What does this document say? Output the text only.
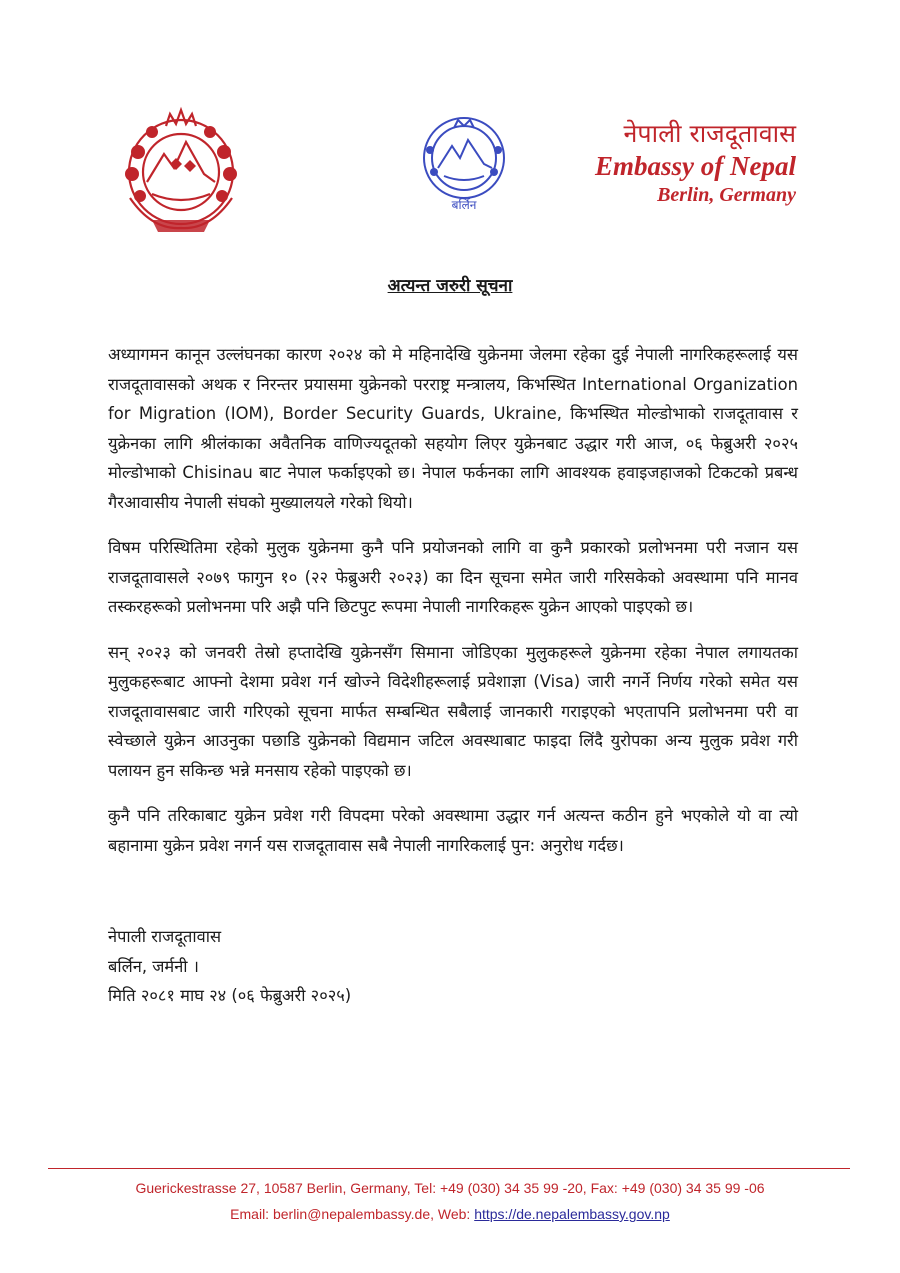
बर्लिन
नेपाली राजदूतावास
Embassy of Nepal
Berlin, Germany
अत्यन्त जरुरी सूचना

अध्यागमन कानून उल्लंघनका कारण २०२४ को मे महिनादेखि युक्रेनमा जेलमा रहेका दुई नेपाली नागरिकहरूलाई यस राजदूतावासको अथक र निरन्तर प्रयासमा युक्रेनको परराष्ट्र मन्त्रालय, किभस्थित International Organization for Migration (IOM), Border Security Guards, Ukraine, किभस्थित मोल्डोभाको राजदूतावास र युक्रेनका लागि श्रीलंकाका अवैतनिक वाणिज्यदूतको सहयोग लिएर युक्रेनबाट उद्धार गरी आज, ०६ फेब्रुअरी २०२५ मोल्डोभाको Chisinau बाट नेपाल फर्काइएको छ। नेपाल फर्कनका लागि आवश्यक हवाइजहाजको टिकटको प्रबन्ध गैरआवासीय नेपाली संघको मुख्यालयले गरेको थियो।

विषम परिस्थितिमा रहेको मुलुक युक्रेनमा कुनै पनि प्रयोजनको लागि वा कुनै प्रकारको प्रलोभनमा परी नजान यस राजदूतावासले २०७९ फागुन १० (२२ फेब्रुअरी २०२३) का दिन सूचना समेत जारी गरिसकेको अवस्थामा पनि मानव तस्करहरूको प्रलोभनमा परि अझै पनि छिटपुट रूपमा नेपाली नागरिकहरू युक्रेन आएको पाइएको छ।

सन् २०२३ को जनवरी तेस्रो हप्तादेखि युक्रेनसँग सिमाना जोडिएका मुलुकहरूले युक्रेनमा रहेका नेपाल लगायतका मुलुकहरूबाट आफ्नो देशमा प्रवेश गर्न खोज्ने विदेशीहरूलाई प्रवेशाज्ञा (Visa) जारी नगर्ने निर्णय गरेको समेत यस राजदूतावासबाट जारी गरिएको सूचना मार्फत सम्बन्धित सबैलाई जानकारी गराइएको भएतापनि प्रलोभनमा परी वा स्वेच्छाले युक्रेन आउनुका पछाडि युक्रेनको विद्यमान जटिल अवस्थाबाट फाइदा लिंदै युरोपका अन्य मुलुक प्रवेश गरी पलायन हुन सकिन्छ भन्ने मनसाय रहेको पाइएको छ।

कुनै पनि तरिकाबाट युक्रेन प्रवेश गरी विपदमा परेको अवस्थामा उद्धार गर्न अत्यन्त कठीन हुने भएकोले यो वा त्यो बहानामा युक्रेन प्रवेश नगर्न यस राजदूतावास सबै नेपाली नागरिकलाई पुन: अनुरोध गर्दछ।

नेपाली राजदूतावास
बर्लिन, जर्मनी ।
मिति २०८१ माघ २४ (०६ फेब्रुअरी २०२५)
Guerickestrasse 27, 10587 Berlin, Germany, Tel: +49 (030) 34 35 99 -20, Fax: +49 (030) 34 35 99 -06
Email: berlin@nepalembassy.de, Web: https://de.nepalembassy.gov.np
